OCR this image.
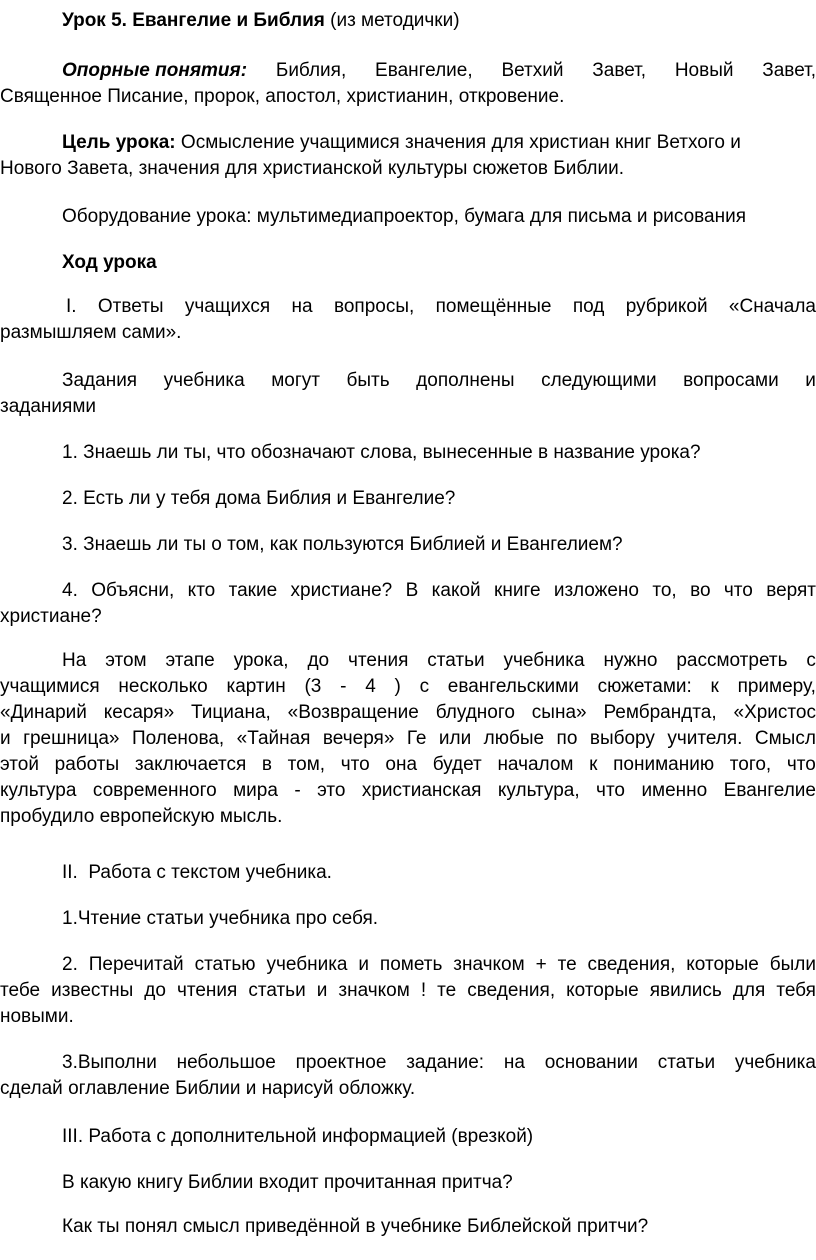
Урок 5. Евангелие и Библия (из методички)
Опорные понятия: Библия, Евангелие, Ветхий Завет, Новый Завет,
Священное Писание, пророк, апостол, христианин, откровение.
Цель урока: Осмысление учащимися значения для христиан книг Ветхого и
Нового Завета, значения для христианской культуры сюжетов Библии.
Оборудование урока: мультимедиапроектор, бумага для письма и рисования
Ход урока
I. Ответы учащихся на вопросы, помещённые под рубрикой «Сначала
размышляем сами».
Задания учебника могут быть дополнены следующими вопросами и
заданиями
1. Знаешь ли ты, что обозначают слова, вынесенные в название урока?
2. Есть ли у тебя дома Библия и Евангелие?
3. Знаешь ли ты о том, как пользуются Библией и Евангелием?
4. Объясни, кто такие христиане? В какой книге изложено то, во что верят
христиане?
На этом этапе урока, до чтения статьи учебника нужно рассмотреть с
учащимися несколько картин (3 - 4 ) с евангельскими сюжетами: к примеру,
«Динарий кесаря» Тициана, «Возвращение блудного сына» Рембрандта, «Христос
и грешница» Поленова, «Тайная вечеря» Ге или любые по выбору учителя. Смысл
этой работы заключается в том, что она будет началом к пониманию того, что
культура современного мира - это христианская культура, что именно Евангелие
пробудило европейскую мысль.
II.  Работа с текстом учебника.
1.Чтение статьи учебника про себя.
2. Перечитай статью учебника и пометь значком + те сведения, которые были
тебе известны до чтения статьи и значком ! те сведения, которые явились для тебя
новыми.
3.Выполни небольшое проектное задание: на основании статьи учебника
сделай оглавление Библии и нарисуй обложку.
III. Работа с дополнительной информацией (врезкой)
В какую книгу Библии входит прочитанная притча?
Как ты понял смысл приведённой в учебнике Библейской притчи?
